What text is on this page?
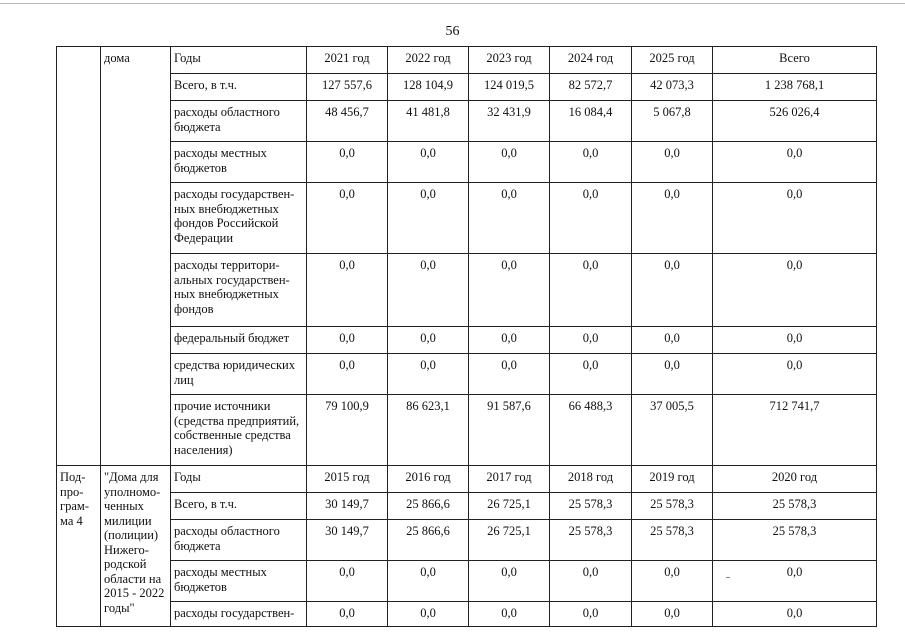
56
	дома	Годы	2021 год	2022 год	2023 год	2024 год	2025 год	Всего
		Всего, в т.ч.	127 557,6	128 104,9	124 019,5	82 572,7	42 073,3	1 238 768,1
		расходы областного бюджета	48 456,7	41 481,8	32 431,9	16 084,4	5 067,8	526 026,4
		расходы местных бюджетов	0,0	0,0	0,0	0,0	0,0	0,0
		расходы государствен-ных внебюджетных фондов Российской Федерации	0,0	0,0	0,0	0,0	0,0	0,0
		расходы территори-альных государствен-ных внебюджетных фондов	0,0	0,0	0,0	0,0	0,0	0,0
		федеральный бюджет	0,0	0,0	0,0	0,0	0,0	0,0
		средства юридических лиц	0,0	0,0	0,0	0,0	0,0	0,0
		прочие источники (средства предприятий, собственные средства населения)	79 100,9	86 623,1	91 587,6	66 488,3	37 005,5	712 741,7
Под-про-грам-ма 4	"Дома для уполномо-ченных милиции (полиции) Нижего-родской области на 2015 - 2022 годы"	Годы	2015 год	2016 год	2017 год	2018 год	2019 год	2020 год
		Всего, в т.ч.	30 149,7	25 866,6	26 725,1	25 578,3	25 578,3	25 578,3
		расходы областного бюджета	30 149,7	25 866,6	26 725,1	25 578,3	25 578,3	25 578,3
		расходы местных бюджетов	0,0	0,0	0,0	0,0	0,0	0,0
		расходы государствен-	0,0	0,0	0,0	0,0	0,0	0,0
